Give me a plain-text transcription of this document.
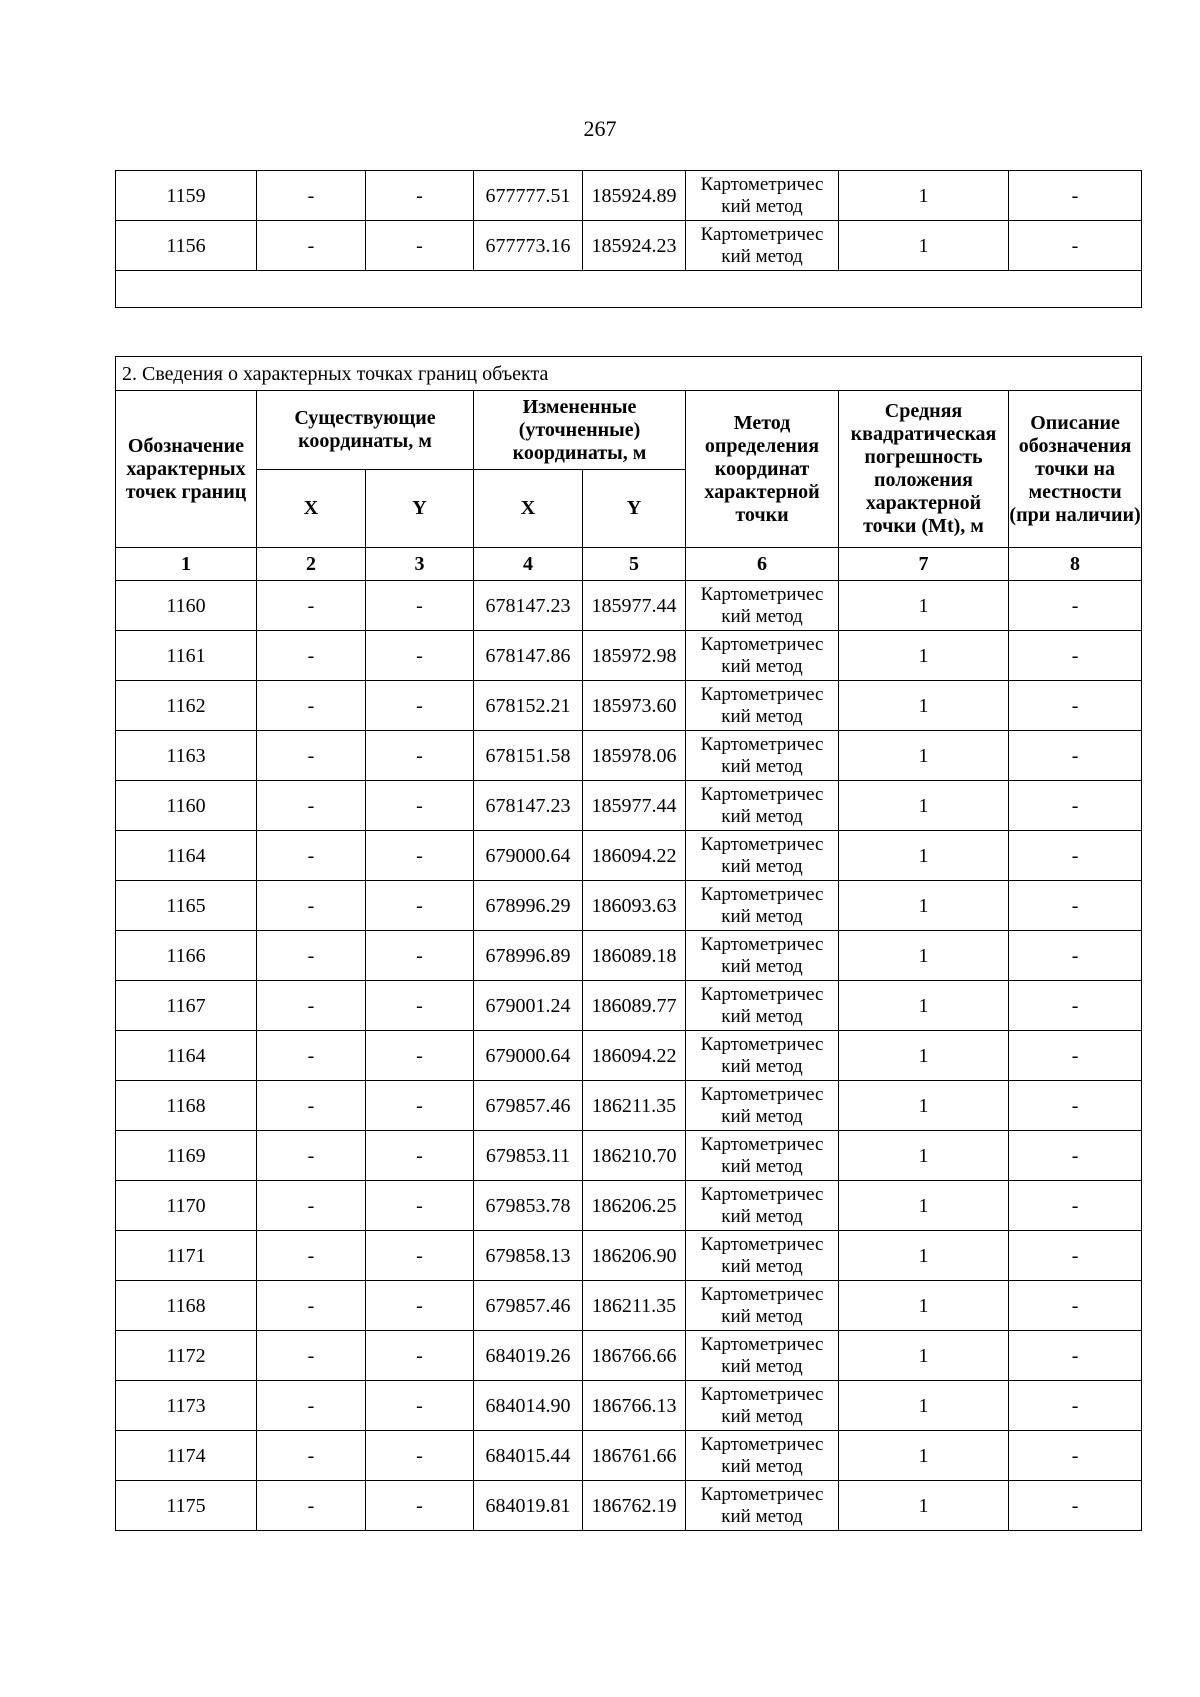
267
1159	-	-	677777.51	185924.89	Картометричес кий метод	1	-
1156	-	-	677773.16	185924.23	Картометричес кий метод	1	-

2. Сведения о характерных точках границ объекта							
Обозначение характерных точек границ	Существующие координаты, м		Измененные (уточненные) координаты, м		Метод определения координат характерной точки	Средняя квадратическая погрешность положения характерной точки (Mt), м	Описание обозначения точки на местности (при наличии)
	X	Y	X	Y			
1	2	3	4	5	6	7	8
1160	-	-	678147.23	185977.44	Картометричес кий метод	1	-
1161	-	-	678147.86	185972.98	Картометричес кий метод	1	-
1162	-	-	678152.21	185973.60	Картометричес кий метод	1	-
1163	-	-	678151.58	185978.06	Картометричес кий метод	1	-
1160	-	-	678147.23	185977.44	Картометричес кий метод	1	-
1164	-	-	679000.64	186094.22	Картометричес кий метод	1	-
1165	-	-	678996.29	186093.63	Картометричес кий метод	1	-
1166	-	-	678996.89	186089.18	Картометричес кий метод	1	-
1167	-	-	679001.24	186089.77	Картометричес кий метод	1	-
1164	-	-	679000.64	186094.22	Картометричес кий метод	1	-
1168	-	-	679857.46	186211.35	Картометричес кий метод	1	-
1169	-	-	679853.11	186210.70	Картометричес кий метод	1	-
1170	-	-	679853.78	186206.25	Картометричес кий метод	1	-
1171	-	-	679858.13	186206.90	Картометричес кий метод	1	-
1168	-	-	679857.46	186211.35	Картометричес кий метод	1	-
1172	-	-	684019.26	186766.66	Картометричес кий метод	1	-
1173	-	-	684014.90	186766.13	Картометричес кий метод	1	-
1174	-	-	684015.44	186761.66	Картометричес кий метод	1	-
1175	-	-	684019.81	186762.19	Картометричес кий метод	1	-
